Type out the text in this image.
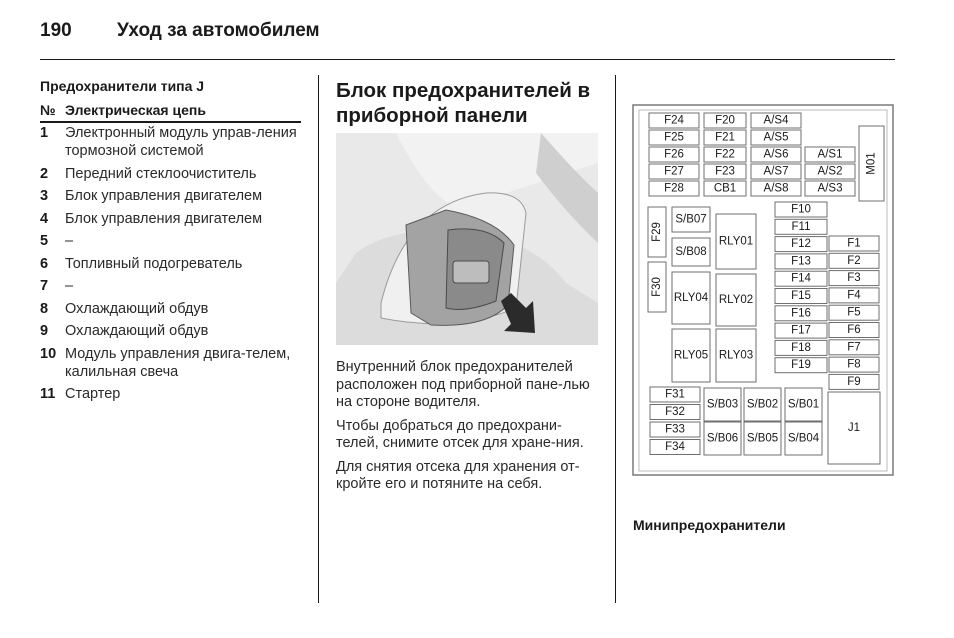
190 Уход за автомобилем
Предохранители типа J
№ Электрическая цепь
1 Электронный модуль управ-ления тормозной системой
2 Передний стеклоочиститель
3 Блок управления двигателем
4 Блок управления двигателем
5 –
6 Топливный подогреватель
7 –
8 Охлаждающий обдув
9 Охлаждающий обдув
10 Модуль управления двига-телем, калильная свеча
11 Стартер
Блок предохранителей в
приборной панели

Внутренний блок предохранителей расположен под приборной пане-лью на стороне водителя.

Чтобы добраться до предохрани-телей, снимите отсек для хране-ния.

Для снятия отсека для хранения от-кройте его и потяните на себя.

F24	F20 A/S4
F25	F21 A/S5
F26	F22 A/S6	A/S1
F27	F23 A/S7	A/S2
F28	CB1 A/S8	A/S3
M01
F29
F30
S/B07
S/B08
RLY01
RLY04 RLY02
RLY05 RLY03
F10
F11
F12
F13
F14
F15
F16
F17
F18
F19
F1
F2
F3
F4
F5
F6
F7
F8
F9
F31
F32
F33
F34
S/B03 S/B02 S/B01
S/B06 S/B05 S/B04
J1
Минипредохранители
